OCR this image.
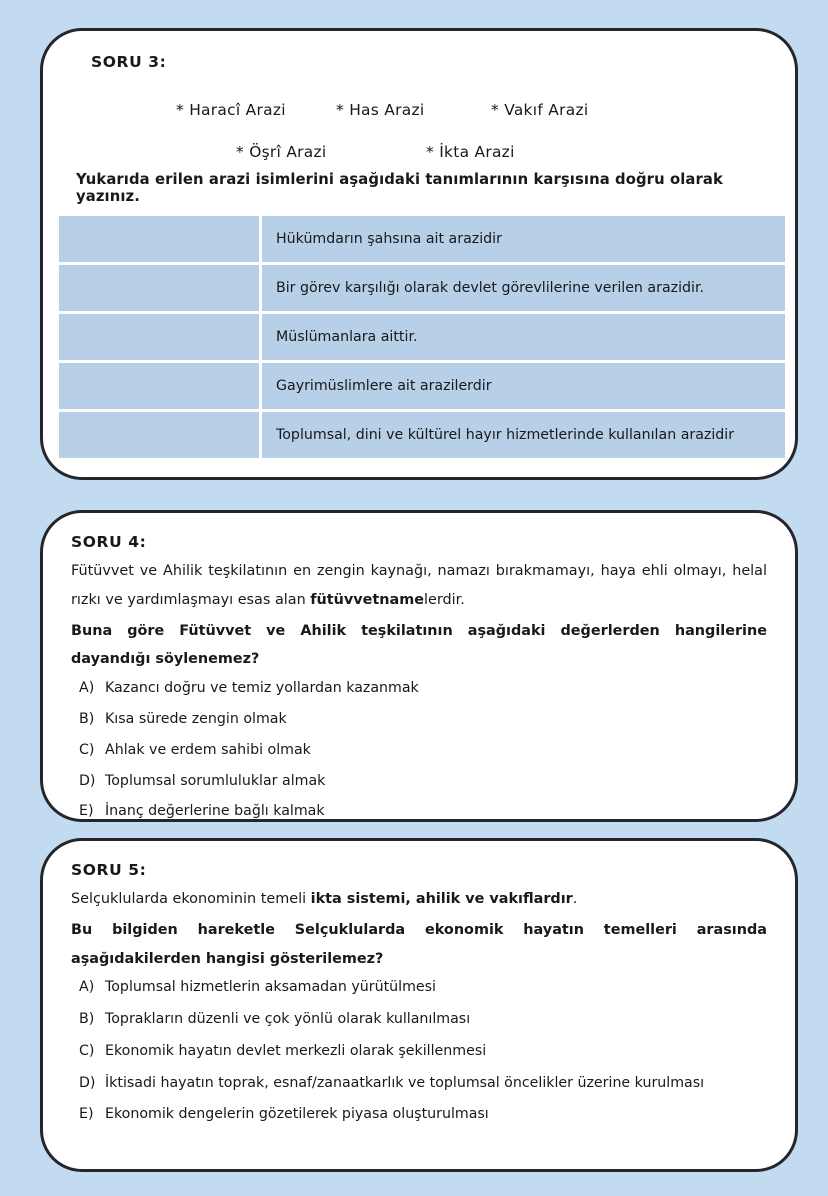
SORU 3:
* Haracî Arazi	* Has Arazi	* Vakıf Arazi
* Öşrî Arazi	* İkta Arazi
Yukarıda erilen arazi isimlerini aşağıdaki tanımlarının karşısına doğru olarak yazınız.
	Hükümdarın şahsına ait arazidir
	Bir görev karşılığı olarak devlet görevlilerine verilen arazidir.
	Müslümanlara aittir.
	Gayrimüslimlere ait arazilerdir
	Toplumsal, dini ve kültürel hayır hizmetlerinde kullanılan arazidir
SORU 4:
Fütüvvet ve Ahilik teşkilatının en zengin kaynağı, namazı bırakmamayı, haya ehli olmayı, helal rızkı ve yardımlaşmayı esas alan fütüvvetnamelerdir.
Buna göre Fütüvvet ve Ahilik teşkilatının aşağıdaki değerlerden hangilerine dayandığı söylenemez?
A) Kazancı doğru ve temiz yollardan kazanmak
B) Kısa sürede zengin olmak
C) Ahlak ve erdem sahibi olmak
D) Toplumsal sorumluluklar almak
E) İnanç değerlerine bağlı kalmak
SORU 5:
Selçuklularda ekonominin temeli ikta sistemi, ahilik ve vakıflardır.
Bu bilgiden hareketle Selçuklularda ekonomik hayatın temelleri arasında aşağıdakilerden hangisi gösterilemez?
A) Toplumsal hizmetlerin aksamadan yürütülmesi
B) Toprakların düzenli ve çok yönlü olarak kullanılması
C) Ekonomik hayatın devlet merkezli olarak şekillenmesi
D) İktisadi hayatın toprak, esnaf/zanaatkarlık ve toplumsal öncelikler üzerine kurulması
E) Ekonomik dengelerin gözetilerek piyasa oluşturulması
